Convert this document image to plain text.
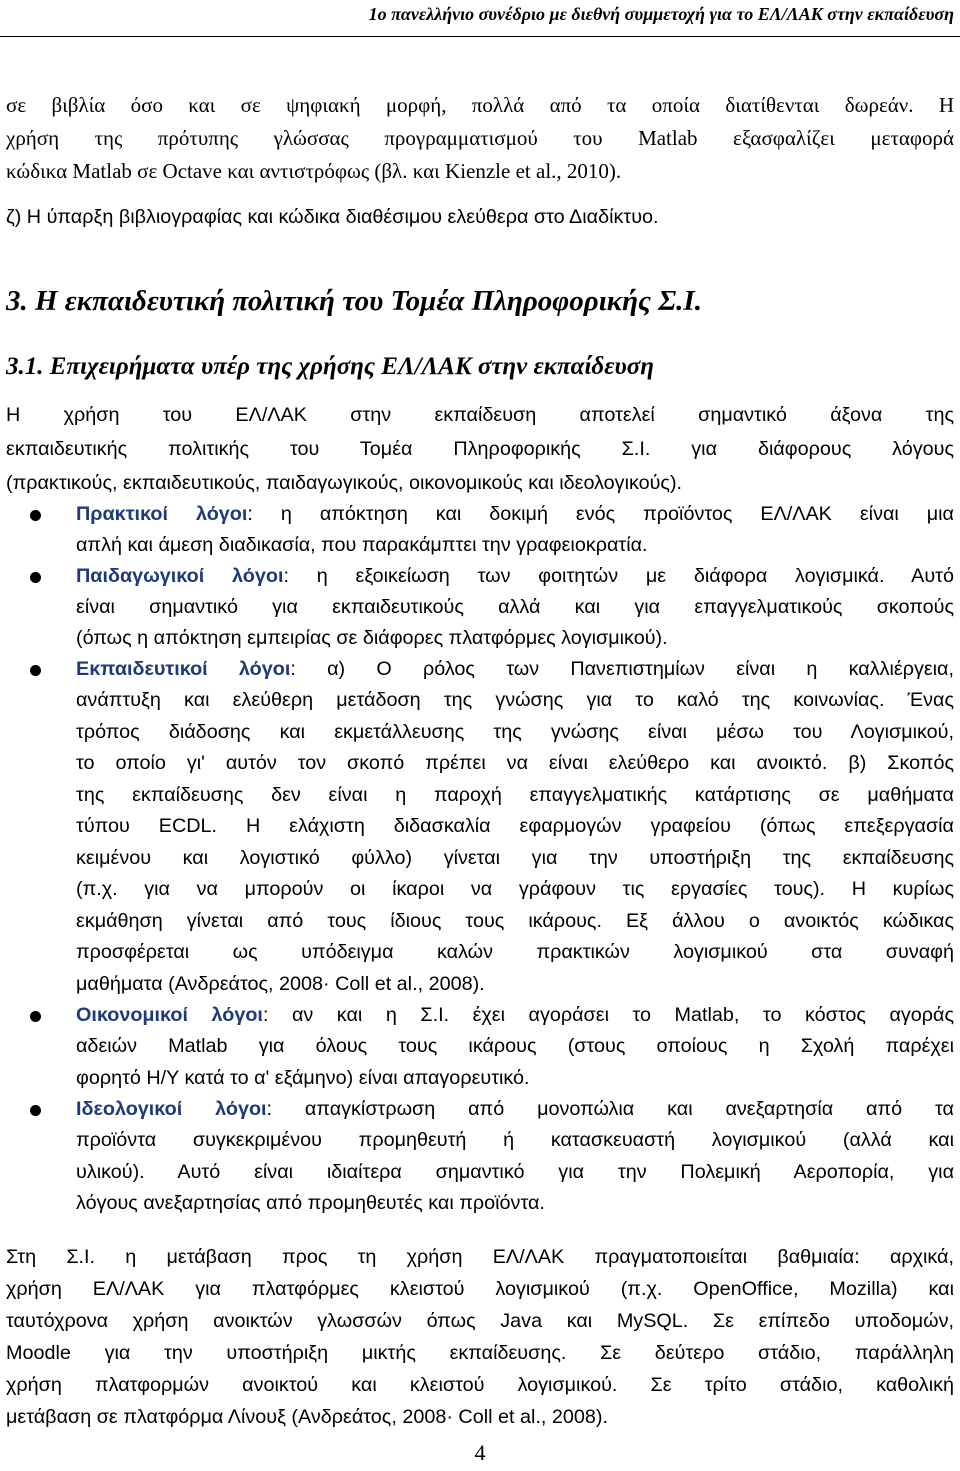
1ο πανελλήνιο συνέδριο με διεθνή συμμετοχή για το ΕΛ/ΛΑΚ στην εκπαίδευση
σε βιβλία όσο και σε ψηφιακή μορφή, πολλά από τα οποία διατίθενται δωρεάν. Η
χρήση της πρότυπης γλώσσας προγραμματισμού του Matlab εξασφαλίζει μεταφορά
κώδικα Matlab σε Octave και αντιστρόφως (βλ. και Kienzle et al., 2010).
ζ) Η ύπαρξη βιβλιογραφίας και κώδικα διαθέσιμου ελεύθερα στο Διαδίκτυο.
3. Η εκπαιδευτική πολιτική του Τομέα Πληροφορικής Σ.Ι.
3.1. Επιχειρήματα υπέρ της χρήσης ΕΛ/ΛΑΚ στην εκπαίδευση
Η χρήση του ΕΛ/ΛΑΚ στην εκπαίδευση αποτελεί σημαντικό άξονα της
εκπαιδευτικής πολιτικής του Τομέα Πληροφορικής Σ.Ι. για διάφορους λόγους
(πρακτικούς, εκπαιδευτικούς, παιδαγωγικούς, οικονομικούς και ιδεολογικούς).
Πρακτικοί λόγοι: η απόκτηση και δοκιμή ενός προϊόντος ΕΛ/ΛΑΚ είναι μια
απλή και άμεση διαδικασία, που παρακάμπτει την γραφειοκρατία.
Παιδαγωγικοί λόγοι: η εξοικείωση των φοιτητών με διάφορα λογισμικά. Αυτό
είναι σημαντικό για εκπαιδευτικούς αλλά και για επαγγελματικούς σκοπούς
(όπως η απόκτηση εμπειρίας σε διάφορες πλατφόρμες λογισμικού).
Εκπαιδευτικοί λόγοι: α) Ο ρόλος των Πανεπιστημίων είναι η καλλιέργεια,
ανάπτυξη και ελεύθερη μετάδοση της γνώσης για το καλό της κοινωνίας. Ένας
τρόπος διάδοσης και εκμετάλλευσης της γνώσης είναι μέσω του Λογισμικού,
το οποίο γι' αυτόν τον σκοπό πρέπει να είναι ελεύθερο και ανοικτό. β) Σκοπός
της εκπαίδευσης δεν είναι η παροχή επαγγελματικής κατάρτισης σε μαθήματα
τύπου ECDL. Η ελάχιστη διδασκαλία εφαρμογών γραφείου (όπως επεξεργασία
κειμένου και λογιστικό φύλλο) γίνεται για την υποστήριξη της εκπαίδευσης
(π.χ. για να μπορούν οι ίκαροι να γράφουν τις εργασίες τους). Η κυρίως
εκμάθηση γίνεται από τους ίδιους τους ικάρους. Εξ άλλου ο ανοικτός κώδικας
προσφέρεται ως υπόδειγμα καλών πρακτικών λογισμικού στα συναφή
μαθήματα (Ανδρεάτος, 2008· Coll et al., 2008).
Οικονομικοί λόγοι: αν και η Σ.Ι. έχει αγοράσει το Matlab, το κόστος αγοράς
αδειών Matlab για όλους τους ικάρους (στους οποίους η Σχολή παρέχει
φορητό Η/Υ κατά το α' εξάμηνο) είναι απαγορευτικό.
Ιδεολογικοί λόγοι: απαγκίστρωση από μονοπώλια και ανεξαρτησία από τα
προϊόντα συγκεκριμένου προμηθευτή ή κατασκευαστή λογισμικού (αλλά και
υλικού). Αυτό είναι ιδιαίτερα σημαντικό για την Πολεμική Αεροπορία, για
λόγους ανεξαρτησίας από προμηθευτές και προϊόντα.
Στη Σ.Ι. η μετάβαση προς τη χρήση ΕΛ/ΛΑΚ πραγματοποιείται βαθμιαία: αρχικά,
χρήση ΕΛ/ΛΑΚ για πλατφόρμες κλειστού λογισμικού (π.χ. OpenOffice, Mozilla) και
ταυτόχρονα χρήση ανοικτών γλωσσών όπως Java και MySQL. Σε επίπεδο υποδομών,
Moodle για την υποστήριξη μικτής εκπαίδευσης. Σε δεύτερο στάδιο, παράλληλη
χρήση πλατφορμών ανοικτού και κλειστού λογισμικού. Σε τρίτο στάδιο, καθολική
μετάβαση σε πλατφόρμα Λίνουξ (Ανδρεάτος, 2008· Coll et al., 2008).
4
